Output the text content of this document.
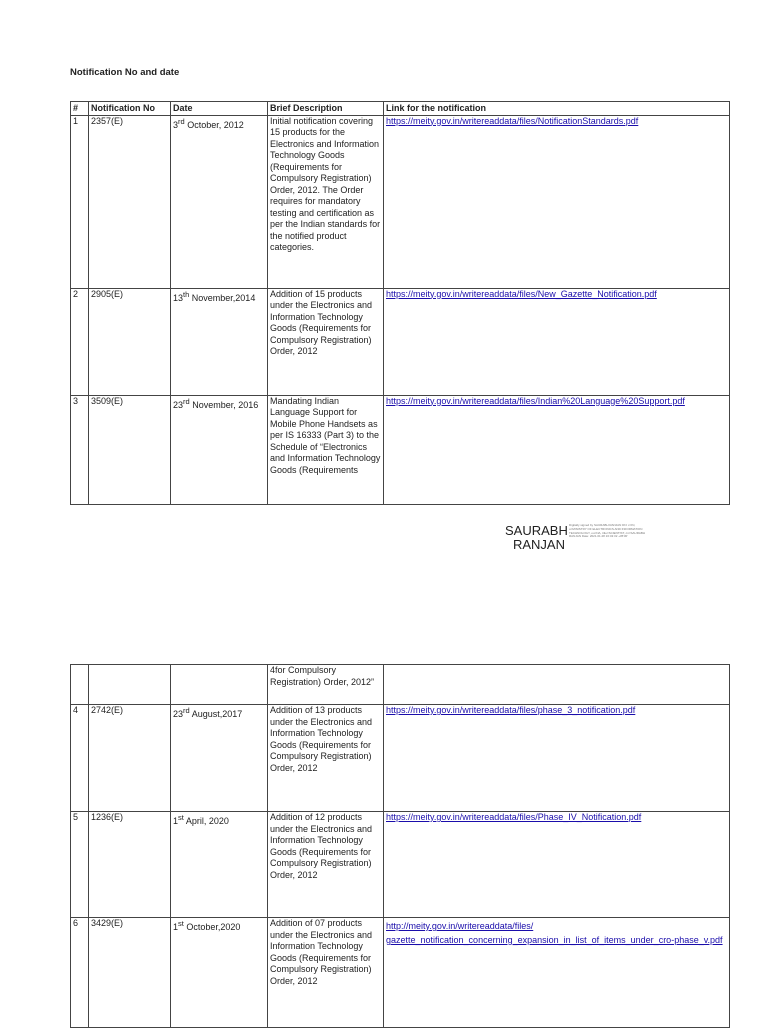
Notification No and date
#	Notification No	Date	Brief Description	Link for the notification
1	2357(E)	3rd October, 2012	Initial notification covering 15 products for the Electronics and Information Technology Goods (Requirements for Compulsory Registration) Order, 2012. The Order requires for mandatory testing and certification as per the Indian standards for the notified product categories.	https://meity.gov.in/writereaddata/files/NotificationStandards.pdf
2	2905(E)	13th November,2014	Addition of 15 products under the Electronics and Information Technology Goods (Requirements for Compulsory Registration) Order, 2012	https://meity.gov.in/writereaddata/files/New_Gazette_Notification.pdf
3	3509(E)	23rd November, 2016	Mandating Indian Language Support for Mobile Phone Handsets as per IS 16333 (Part 3) to the Schedule of “Electronics and Information Technology Goods (Requirements	https://meity.gov.in/writereaddata/files/Indian%20Language%20Support.pdf
SAURABH
RANJAN
Digitally signed by SAURABH RANJAN DN: c=IN, o=MINISTRY OF ELECTRONICS AND INFORMATION TECHNOLOGY, ou=NA, title=SCIENTIST, cn=SAURABH RANJAN Date: 2021.01.28 16:43:32 +05'30'
			4for Compulsory Registration) Order, 2012”	
4	2742(E)	23rd August,2017	Addition of 13 products under the Electronics and Information Technology Goods (Requirements for Compulsory Registration) Order, 2012	https://meity.gov.in/writereaddata/files/phase_3_notification.pdf
5	1236(E)	1st April, 2020	Addition of 12 products under the Electronics and Information Technology Goods (Requirements for Compulsory Registration) Order, 2012	https://meity.gov.in/writereaddata/files/Phase_IV_Notification.pdf
6	3429(E)	1st October,2020	Addition of 07 products under the Electronics and Information Technology Goods (Requirements for Compulsory Registration) Order, 2012	http://meity.gov.in/writereaddata/files/
gazette_notification_concerning_expansion_in_list_of_items_under_cro-phase_v.pdf
